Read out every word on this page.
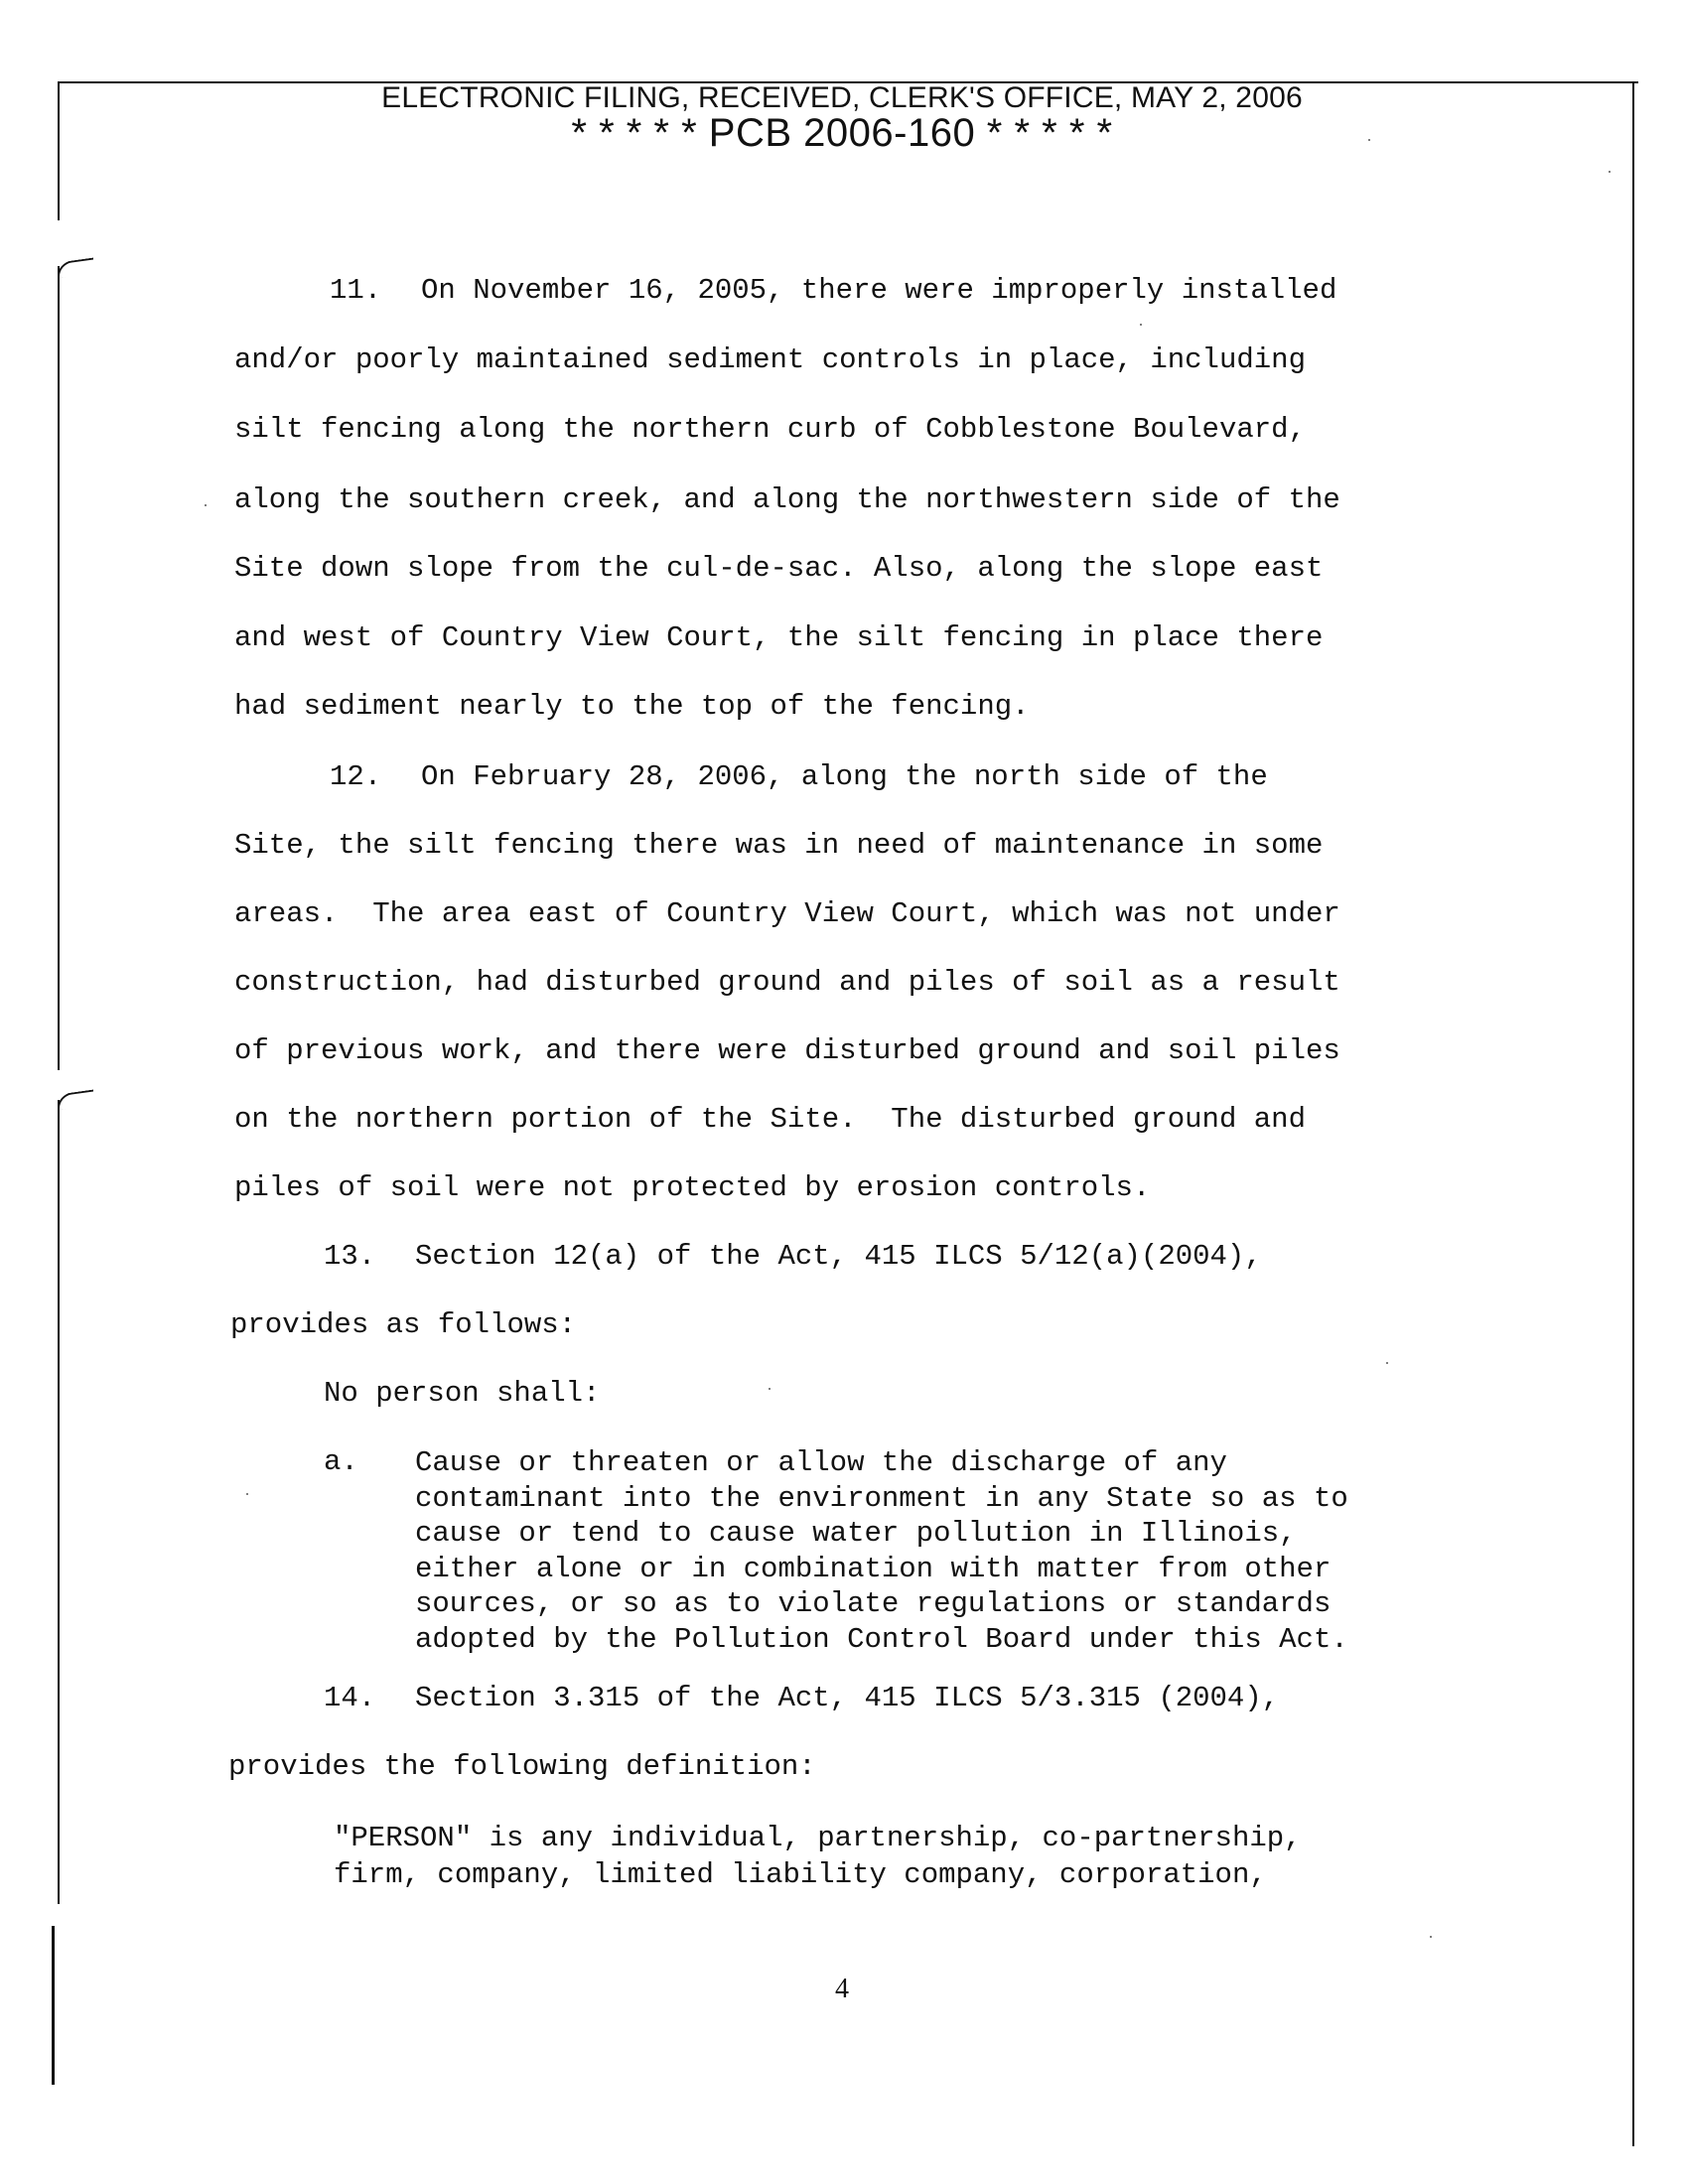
ELECTRONIC FILING, RECEIVED, CLERK'S OFFICE, MAY 2, 2006
* * * * * PCB 2006-160 * * * * *
11. On November 16, 2005, there were improperly installed
and/or poorly maintained sediment controls in place, including
silt fencing along the northern curb of Cobblestone Boulevard,
along the southern creek, and along the northwestern side of the
Site down slope from the cul-de-sac. Also, along the slope east
and west of Country View Court, the silt fencing in place there
had sediment nearly to the top of the fencing.
12. On February 28, 2006, along the north side of the
Site, the silt fencing there was in need of maintenance in some
areas.  The area east of Country View Court, which was not under
construction, had disturbed ground and piles of soil as a result
of previous work, and there were disturbed ground and soil piles
on the northern portion of the Site.  The disturbed ground and
piles of soil were not protected by erosion controls.
13. Section 12(a) of the Act, 415 ILCS 5/12(a)(2004),
provides as follows:
No person shall:
a. Cause or threaten or allow the discharge of any
contaminant into the environment in any State so as to
cause or tend to cause water pollution in Illinois,
either alone or in combination with matter from other
sources, or so as to violate regulations or standards
adopted by the Pollution Control Board under this Act.
14. Section 3.315 of the Act, 415 ILCS 5/3.315 (2004),
provides the following definition:
"PERSON" is any individual, partnership, co-partnership,
firm, company, limited liability company, corporation,
4
